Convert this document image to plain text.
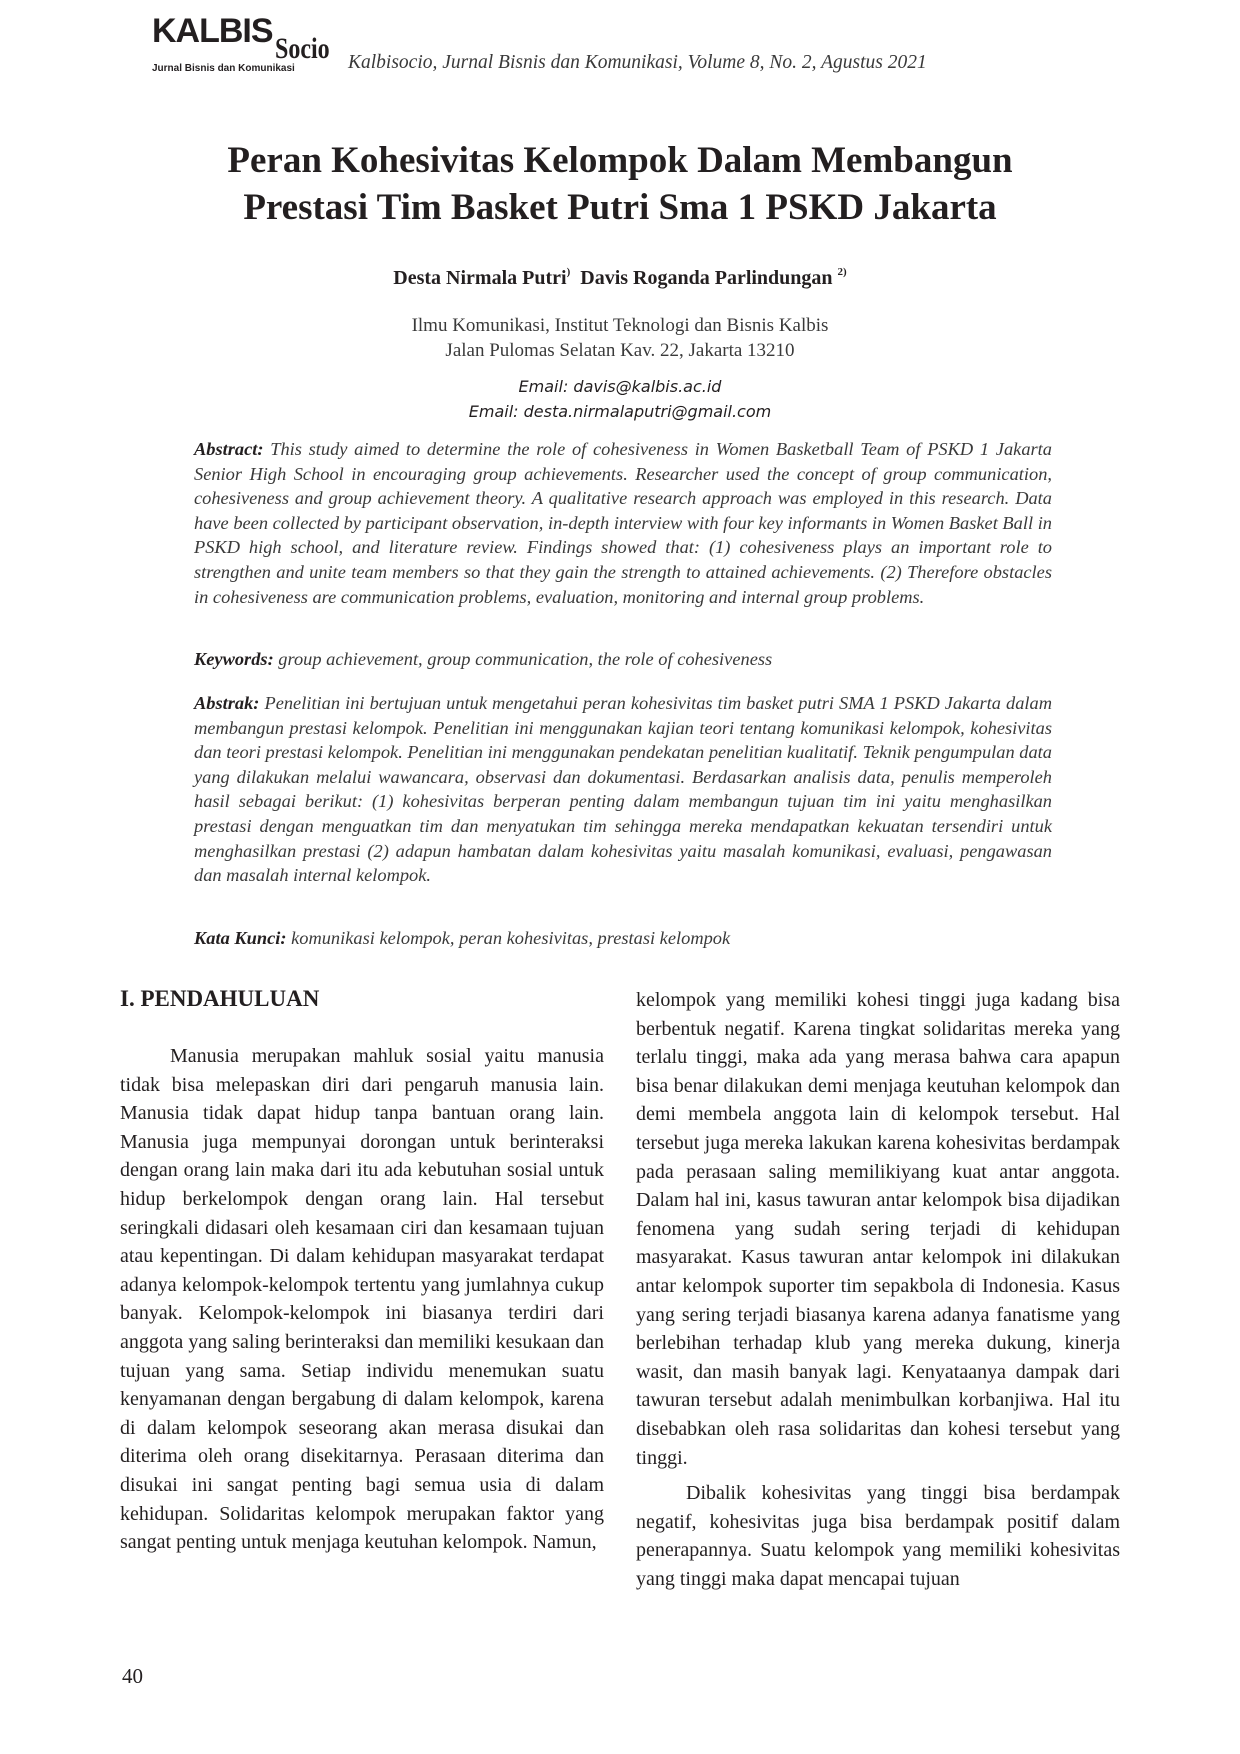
KALBIS Socio
Jurnal Bisnis dan Komunikasi	Kalbisocio, Jurnal Bisnis dan Komunikasi, Volume 8, No. 2, Agustus 2021
Peran Kohesivitas Kelompok Dalam Membangun
Prestasi Tim Basket Putri Sma 1 PSKD Jakarta
Desta Nirmala Putri) Davis Roganda Parlindungan $^{2)}$
Ilmu Komunikasi, Institut Teknologi dan Bisnis Kalbis
Jalan Pulomas Selatan Kav. 22, Jakarta 13210
Email: davis@kalbis.ac.id
Email: desta.nirmalaputri@gmail.com
Abstract: This study aimed to determine the role of cohesiveness in Women Basketball Team of PSKD 1 Jakarta Senior High School in encouraging group achievements. Researcher used the concept of group communication, cohesiveness and group achievement theory. A qualitative research approach was employed in this research. Data have been collected by participant observation, in-depth interview with four key informants in Women Basket Ball in PSKD high school, and literature review. Findings showed that: (1) cohesiveness plays an important role to strengthen and unite team members so that they gain the strength to attained achievements. (2) Therefore obstacles in cohesiveness are communication problems, evaluation, monitoring and internal group problems.
Keywords: group achievement, group communication, the role of cohesiveness
Abstrak: Penelitian ini bertujuan untuk mengetahui peran kohesivitas tim basket putri SMA 1 PSKD Jakarta dalam membangun prestasi kelompok. Penelitian ini menggunakan kajian teori tentang komunikasi kelompok, kohesivitas dan teori prestasi kelompok. Penelitian ini menggunakan pendekatan penelitian kualitatif. Teknik pengumpulan data yang dilakukan melalui wawancara, observasi dan dokumentasi. Berdasarkan analisis data, penulis memperoleh hasil sebagai berikut: (1) kohesivitas berperan penting dalam membangun tujuan tim ini yaitu menghasilkan prestasi dengan menguatkan tim dan menyatukan tim sehingga mereka mendapatkan kekuatan tersendiri untuk menghasilkan prestasi (2) adapun hambatan dalam kohesivitas yaitu masalah komunikasi, evaluasi, pengawasan dan masalah internal kelompok.
Kata Kunci: komunikasi kelompok, peran kohesivitas, prestasi kelompok
I. PENDAHULUAN

Manusia merupakan mahluk sosial yaitu manusia tidak bisa melepaskan diri dari pengaruh manusia lain. Manusia tidak dapat hidup tanpa bantuan orang lain. Manusia juga mempunyai dorongan untuk berinteraksi dengan orang lain maka dari itu ada kebutuhan sosial untuk hidup berkelompok dengan orang lain. Hal tersebut seringkali didasari oleh kesamaan ciri dan kesamaan tujuan atau kepentingan. Di dalam kehidupan masyarakat terdapat adanya kelompok-kelompok tertentu yang jumlahnya cukup banyak. Kelompok-kelompok ini biasanya terdiri dari anggota yang saling berinteraksi dan memiliki kesukaan dan tujuan yang sama. Setiap individu menemukan suatu kenyamanan dengan bergabung di dalam kelompok, karena di dalam kelompok seseorang akan merasa disukai dan diterima oleh orang disekitarnya. Perasaan diterima dan disukai ini sangat penting bagi semua usia di dalam kehidupan. Solidaritas kelompok merupakan faktor yang sangat penting untuk menjaga keutuhan kelompok. Namun,

kelompok yang memiliki kohesi tinggi juga kadang bisa berbentuk negatif. Karena tingkat solidaritas mereka yang terlalu tinggi, maka ada yang merasa bahwa cara apapun bisa benar dilakukan demi menjaga keutuhan kelompok dan demi membela anggota lain di kelompok tersebut. Hal tersebut juga mereka lakukan karena kohesivitas berdampak pada perasaan saling memilikiyang kuat antar anggota. Dalam hal ini, kasus tawuran antar kelompok bisa dijadikan fenomena yang sudah sering terjadi di kehidupan masyarakat. Kasus tawuran antar kelompok ini dilakukan antar kelompok suporter tim sepakbola di Indonesia. Kasus yang sering terjadi biasanya karena adanya fanatisme yang berlebihan terhadap klub yang mereka dukung, kinerja wasit, dan masih banyak lagi. Kenyataanya dampak dari tawuran tersebut adalah menimbulkan korbanjiwa. Hal itu disebabkan oleh rasa solidaritas dan kohesi tersebut yang tinggi.

Dibalik kohesivitas yang tinggi bisa berdampak negatif, kohesivitas juga bisa berdampak positif dalam penerapannya. Suatu kelompok yang memiliki kohesivitas yang tinggi maka dapat mencapai tujuan

40
